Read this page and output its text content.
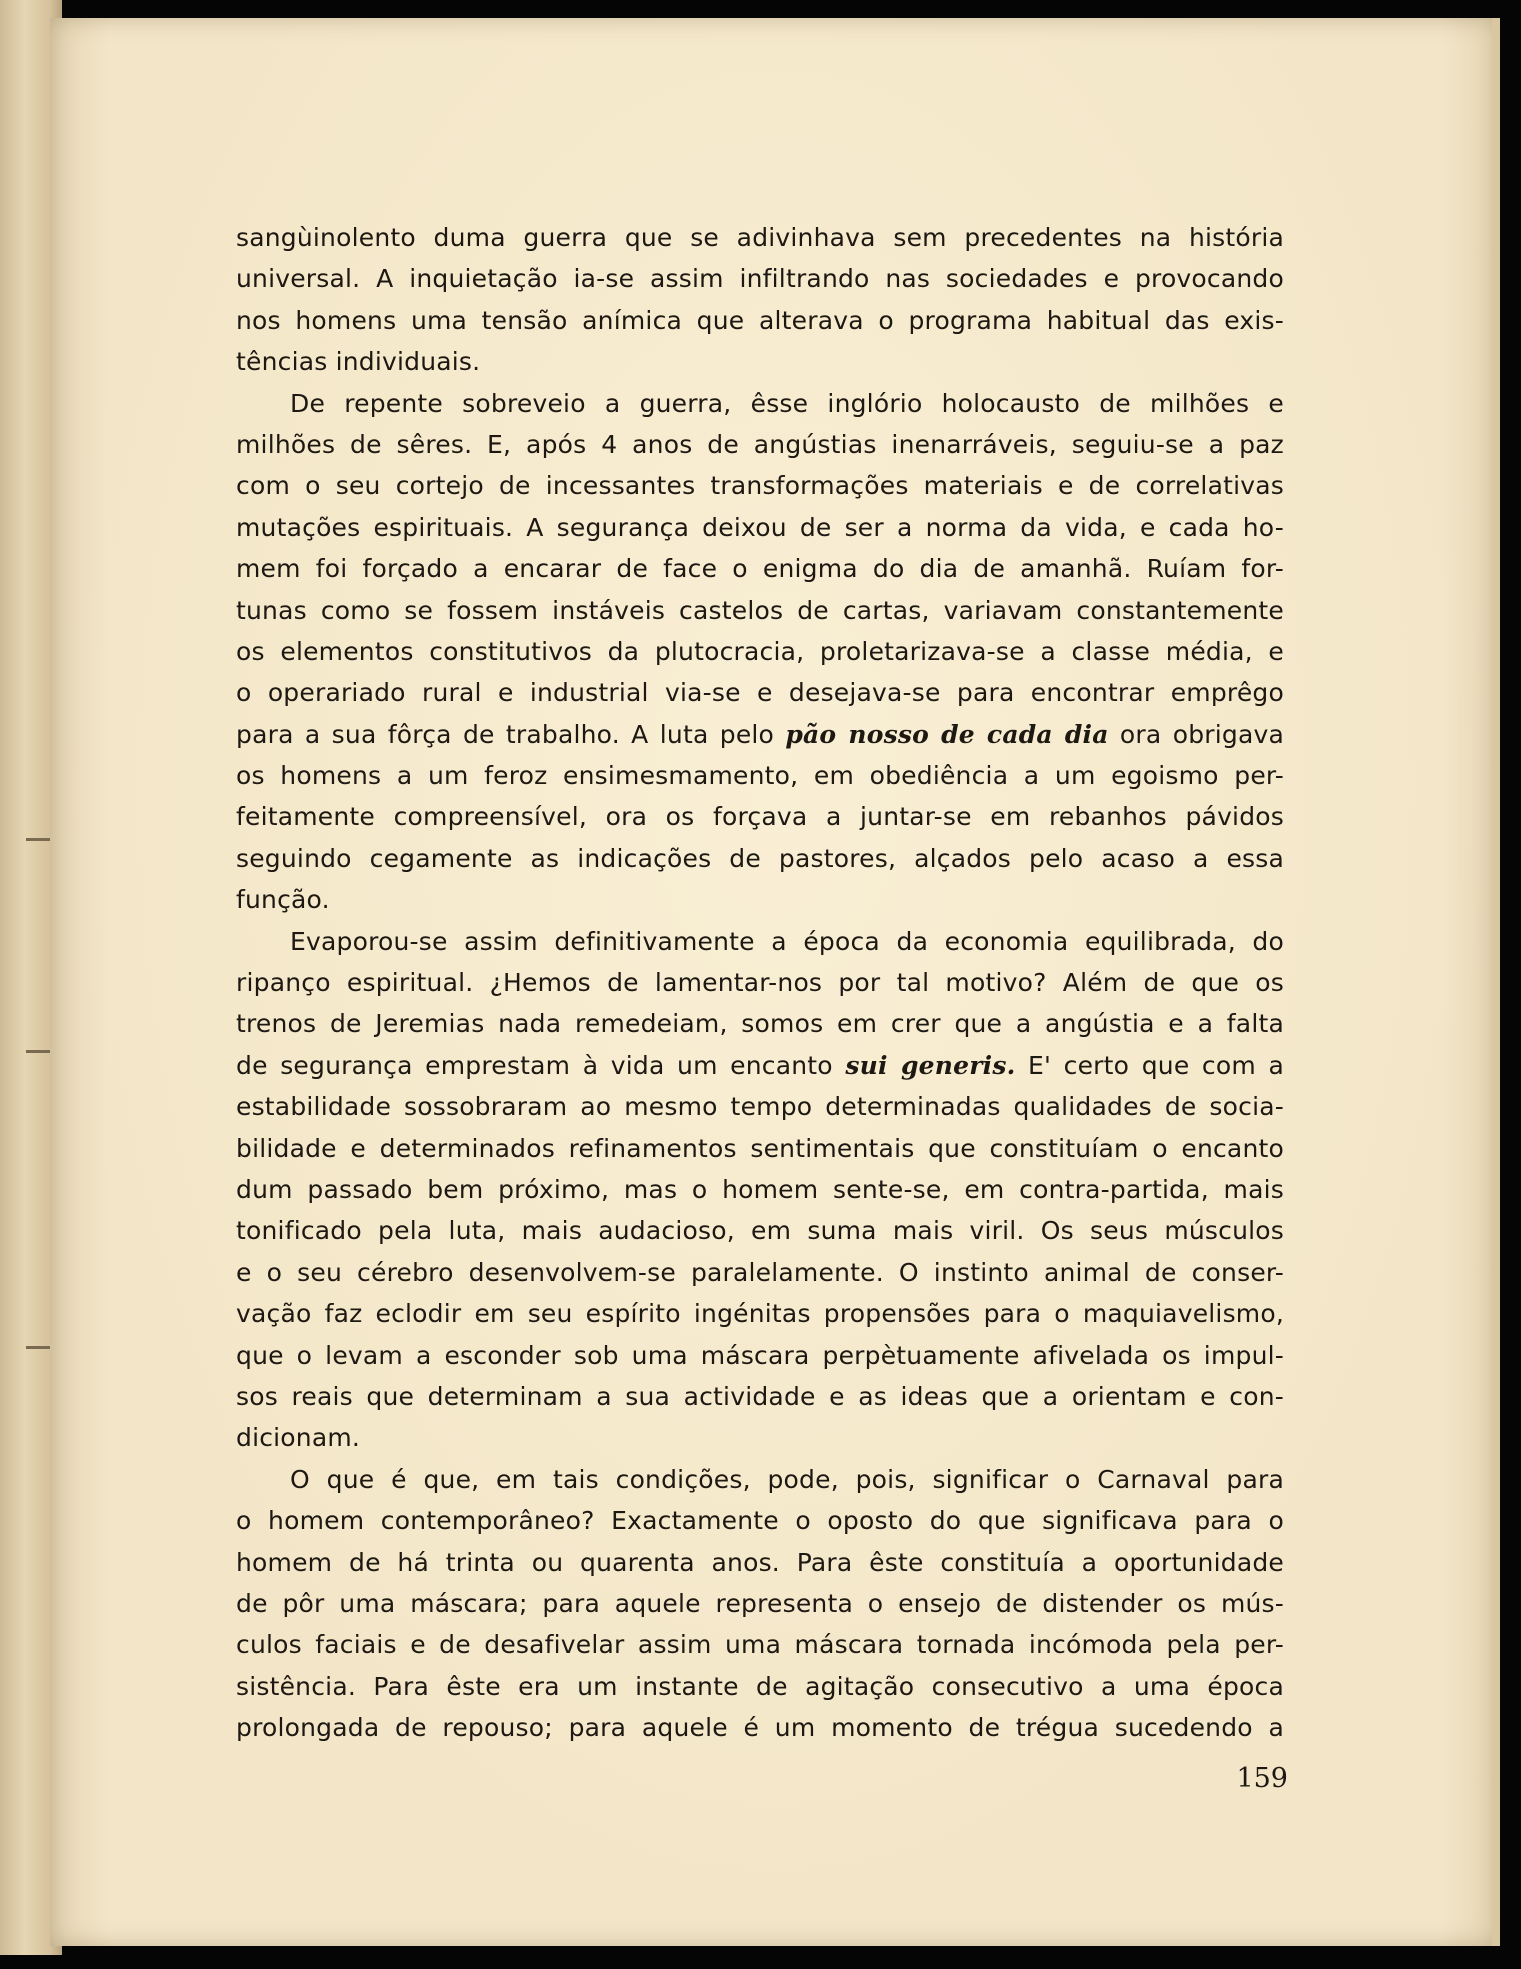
sangùinolento duma guerra que se adivinhava sem precedentes na história
universal. A inquietação ia-se assim infiltrando nas sociedades e provocando
nos homens uma tensão anímica que alterava o programa habitual das exis-
tências individuais.
De repente sobreveio a guerra, êsse inglório holocausto de milhões e
milhões de sêres. E, após 4 anos de angústias inenarráveis, seguiu-se a paz
com o seu cortejo de incessantes transformações materiais e de correlativas
mutações espirituais. A segurança deixou de ser a norma da vida, e cada ho-
mem foi forçado a encarar de face o enigma do dia de amanhã. Ruíam for-
tunas como se fossem instáveis castelos de cartas, variavam constantemente
os elementos constitutivos da plutocracia, proletarizava-se a classe média, e
o operariado rural e industrial via-se e desejava-se para encontrar emprêgo
para a sua fôrça de trabalho. A luta pelo pão nosso de cada dia ora obrigava
os homens a um feroz ensimesmamento, em obediência a um egoismo per-
feitamente compreensível, ora os forçava a juntar-se em rebanhos pávidos
seguindo cegamente as indicações de pastores, alçados pelo acaso a essa
função.
Evaporou-se assim definitivamente a época da economia equilibrada, do
ripanço espiritual. ¿Hemos de lamentar-nos por tal motivo? Além de que os
trenos de Jeremias nada remedeiam, somos em crer que a angústia e a falta
de segurança emprestam à vida um encanto sui generis. E' certo que com a
estabilidade sossobraram ao mesmo tempo determinadas qualidades de socia-
bilidade e determinados refinamentos sentimentais que constituíam o encanto
dum passado bem próximo, mas o homem sente-se, em contra-partida, mais
tonificado pela luta, mais audacioso, em suma mais viril. Os seus músculos
e o seu cérebro desenvolvem-se paralelamente. O instinto animal de conser-
vação faz eclodir em seu espírito ingénitas propensões para o maquiavelismo,
que o levam a esconder sob uma máscara perpètuamente afivelada os impul-
sos reais que determinam a sua actividade e as ideas que a orientam e con-
dicionam.
O que é que, em tais condições, pode, pois, significar o Carnaval para
o homem contemporâneo? Exactamente o oposto do que significava para o
homem de há trinta ou quarenta anos. Para êste constituía a oportunidade
de pôr uma máscara; para aquele representa o ensejo de distender os mús-
culos faciais e de desafivelar assim uma máscara tornada incómoda pela per-
sistência. Para êste era um instante de agitação consecutivo a uma época
prolongada de repouso; para aquele é um momento de trégua sucedendo a
159
